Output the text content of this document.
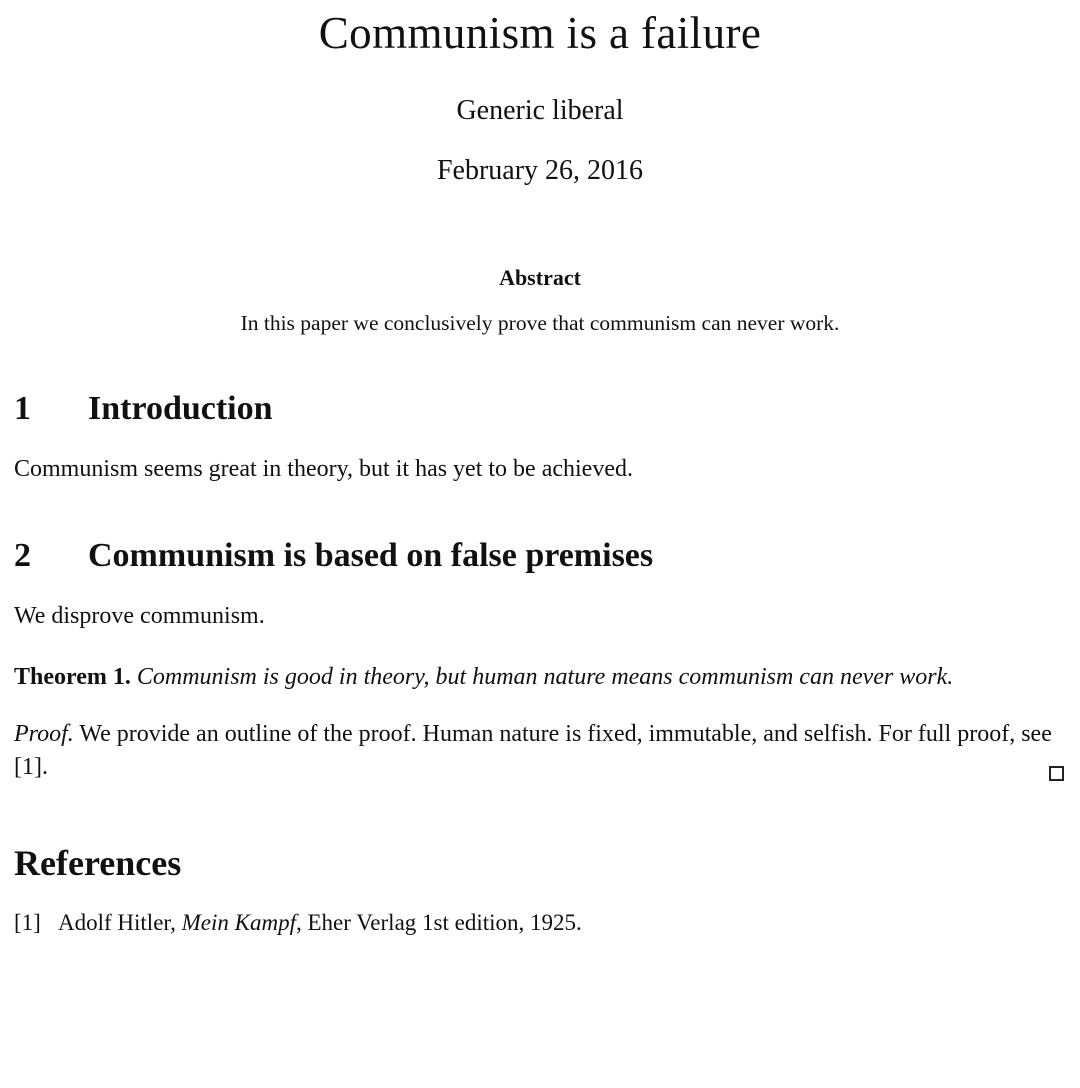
Communism is a failure
Generic liberal
February 26, 2016
Abstract
In this paper we conclusively prove that communism can never work.
1	Introduction
Communism seems great in theory, but it has yet to be achieved.
2	Communism is based on false premises
We disprove communism.
Theorem 1. Communism is good in theory, but human nature means communism can never work.
Proof. We provide an outline of the proof. Human nature is fixed, immutable, and selfish. For full proof, see [1].
References
[1] Adolf Hitler, Mein Kampf, Eher Verlag 1st edition, 1925.
